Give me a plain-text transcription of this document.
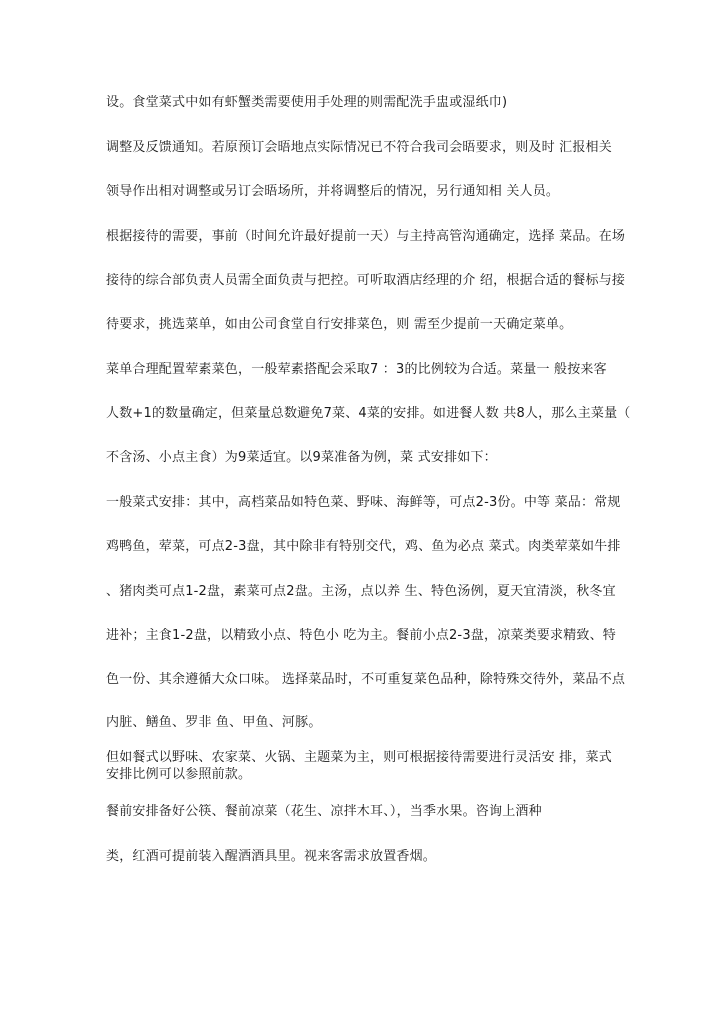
设。食堂菜式中如有虾蟹类需要使用手处理的则需配洗手盅或湿纸巾)
调整及反馈通知。若原预订会晤地点实际情况已不符合我司会晤要求，则及时 汇报相关
领导作出相对调整或另订会晤场所，并将调整后的情况，另行通知相 关人员。
根据接待的需要，事前（时间允许最好提前一天）与主持高管沟通确定，选择 菜品。在场
接待的综合部负责人员需全面负责与把控。可听取酒店经理的介 绍，根据合适的餐标与接
待要求，挑选菜单，如由公司食堂自行安排菜色，则 需至少提前一天确定菜单。
菜单合理配置荤素菜色，一般荤素搭配会采取7 ：3的比例较为合适。菜量一 般按来客
人数+1的数量确定，但菜量总数避免7菜、4菜的安排。如进餐人数 共8人，那么主菜量（
不含汤、小点主食）为9菜适宜。以9菜准备为例，菜 式安排如下：
一般菜式安排：其中，高档菜品如特色菜、野味、海鲜等，可点2-3份。中等 菜品：常规
鸡鸭鱼，荤菜，可点2-3盘，其中除非有特别交代，鸡、鱼为必点 菜式。肉类荤菜如牛排
、猪肉类可点1-2盘，素菜可点2盘。主汤，点以养 生、特色汤例，夏天宜清淡，秋冬宜
进补；主食1-2盘，以精致小点、特色小 吃为主。餐前小点2-3盘，凉菜类要求精致、特
色一份、其余遵循大众口味。 选择菜品时，不可重复菜色品种，除特殊交待外，菜品不点
内脏、鳝鱼、罗非 鱼、甲鱼、河豚。
但如餐式以野味、农家菜、火锅、主题菜为主，则可根据接待需要进行灵活安 排，菜式
安排比例可以参照前款。
餐前安排备好公筷、餐前凉菜（花生、凉拌木耳、），当季水果。咨询上酒种
类，红酒可提前装入醒酒酒具里。视来客需求放置香烟。
